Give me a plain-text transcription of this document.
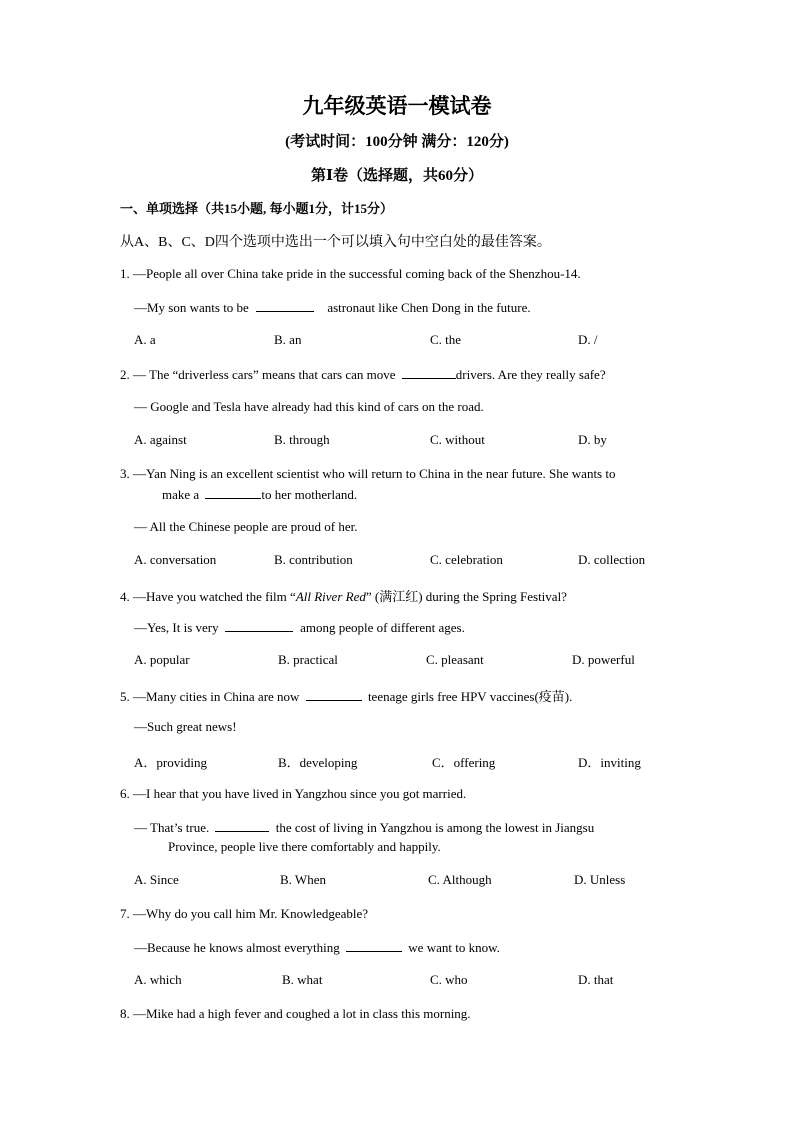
九年级英语一模试卷
(考试时间：100分钟 满分：120分)
第Ⅰ卷（选择题，共60分）
一、单项选择（共15小题, 每小题1分，计15分）
从A、B、C、D四个选项中选出一个可以填入句中空白处的最佳答案。
1. —People all over China take pride in the successful coming back of the Shenzhou-14.
—My son wants to be	astronaut like Chen Dong in the future.
A. a	B. an	C. the	D. /
2. — The “driverless cars” means that cars can move	drivers. Are they really safe?
— Google and Tesla have already had this kind of cars on the road.
A. against	B. through	C. without	D. by
3. —Yan Ning is an excellent scientist who will return to China in the near future. She wants to
make a	to her motherland.
— All the Chinese people are proud of her.
A. conversation	B. contribution	C. celebration	D. collection
4. —Have you watched the film “All River Red” (满江红) during the Spring Festival?
—Yes, It is very	among people of different ages.
A. popular	B. practical	C. pleasant	D. powerful
5. —Many cities in China are now	teenage girls free HPV vaccines(疫苗).
—Such great news!
A．providing	B．developing	C．offering	D．inviting
6. —I hear that you have lived in Yangzhou since you got married.
— That’s true.	the cost of living in Yangzhou is among the lowest in Jiangsu
Province, people live there comfortably and happily.
A. Since	B. When	C. Although	D. Unless
7. —Why do you call him Mr. Knowledgeable?
—Because he knows almost everything	we want to know.
A. which	B. what	C. who	D. that
8. —Mike had a high fever and coughed a lot in class this morning.
